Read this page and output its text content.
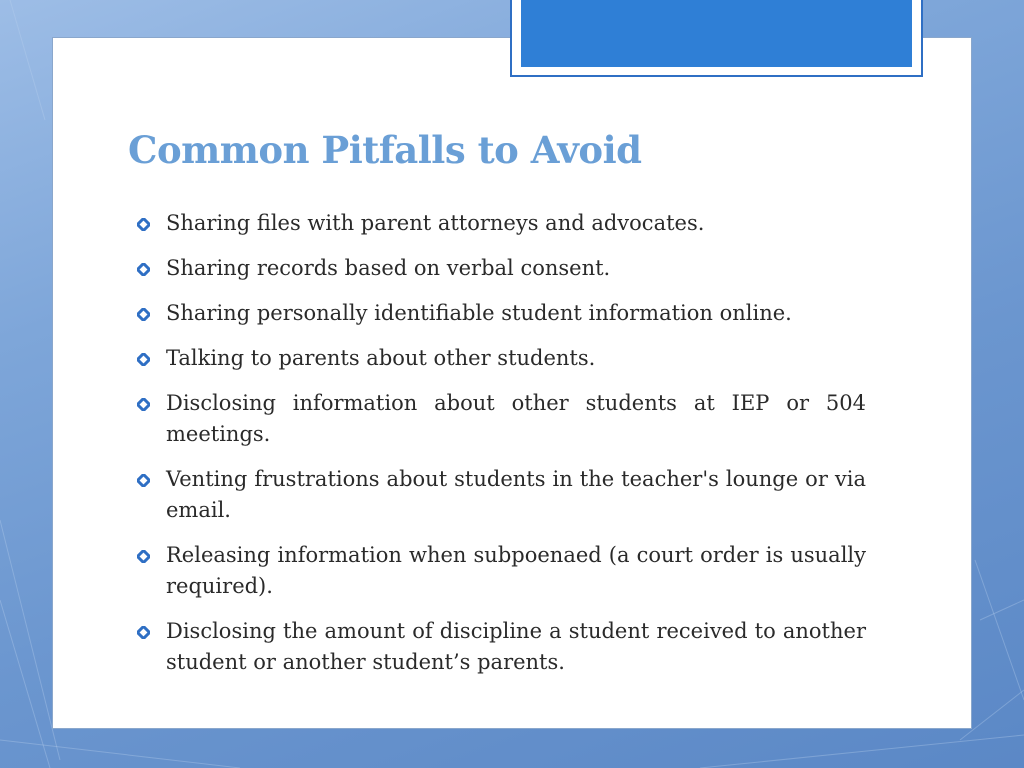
Common Pitfalls to Avoid
Sharing files with parent attorneys and advocates.
Sharing records based on verbal consent.
Sharing personally identifiable student information online.
Talking to parents about other students.
Disclosing information about other students at IEP or 504 meetings.
Venting frustrations about students in the teacher's lounge or via email.
Releasing information when subpoenaed (a court order is usually required).
Disclosing the amount of discipline a student received to another student or another student’s parents.
